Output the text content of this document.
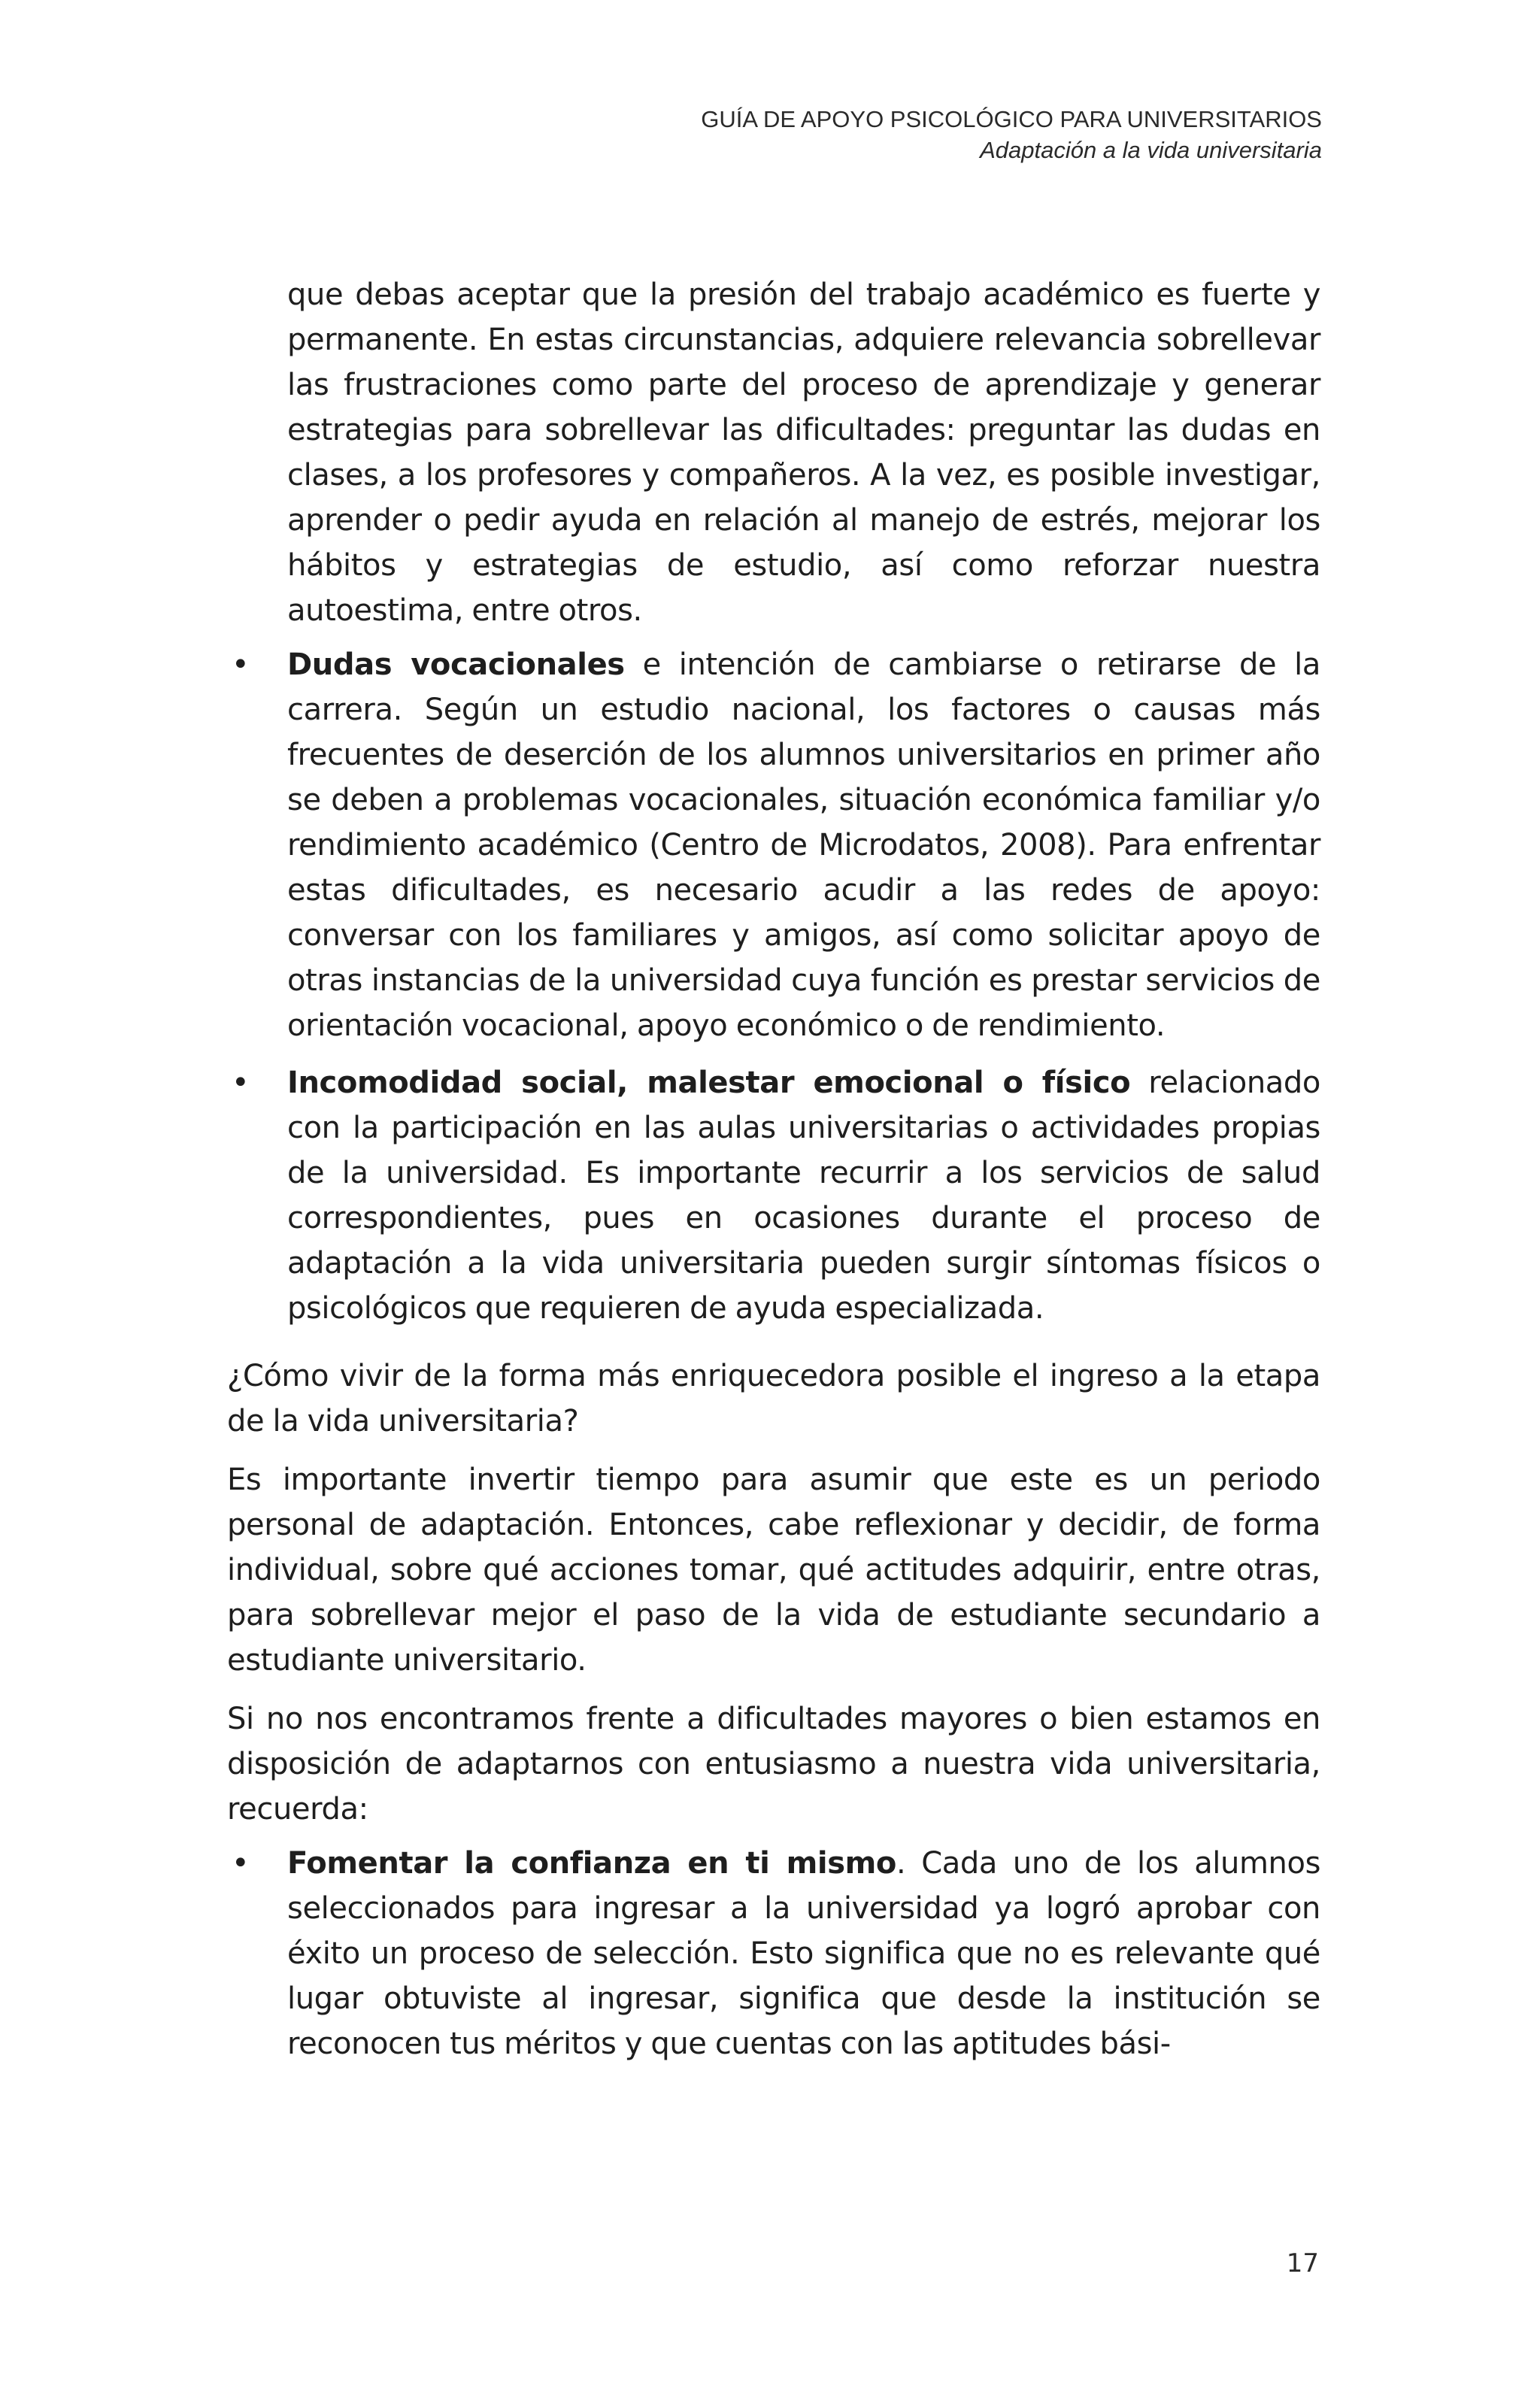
GUÍA DE APOYO PSICOLÓGICO PARA UNIVERSITARIOS
Adaptación a la vida universitaria

que debas aceptar que la presión del trabajo académico es fuerte y permanente. En estas circunstancias, adquiere relevancia sobrellevar las frustraciones como parte del proceso de aprendizaje y generar estrategias para sobrellevar las dificultades: preguntar las dudas en clases, a los profesores y compañeros. A la vez, es posible investigar, aprender o pedir ayuda en relación al manejo de estrés, mejorar los hábitos y estrategias de estudio, así como reforzar nuestra autoestima, entre otros.

• Dudas vocacionales e intención de cambiarse o retirarse de la carrera. Según un estudio nacional, los factores o causas más frecuentes de deserción de los alumnos universitarios en primer año se deben a problemas vocacionales, situación económica familiar y/o rendimiento académico (Centro de Microdatos, 2008). Para enfrentar estas dificultades, es necesario acudir a las redes de apoyo: conversar con los familiares y amigos, así como solicitar apoyo de otras instancias de la universidad cuya función es prestar servicios de orientación vocacional, apoyo económico o de rendimiento.
• Incomodidad social, malestar emocional o físico relacionado con la participación en las aulas universitarias o actividades propias de la universidad. Es importante recurrir a los servicios de salud correspondientes, pues en ocasiones durante el proceso de adaptación a la vida universitaria pueden surgir síntomas físicos o psicológicos que requieren de ayuda especializada.

¿Cómo vivir de la forma más enriquecedora posible el ingreso a la etapa de la vida universitaria?

Es importante invertir tiempo para asumir que este es un periodo personal de adaptación. Entonces, cabe reflexionar y decidir, de forma individual, sobre qué acciones tomar, qué actitudes adquirir, entre otras, para sobrellevar mejor el paso de la vida de estudiante secundario a estudiante universitario.

Si no nos encontramos frente a dificultades mayores o bien estamos en disposición de adaptarnos con entusiasmo a nuestra vida universitaria, recuerda:

• Fomentar la confianza en ti mismo. Cada uno de los alumnos seleccionados para ingresar a la universidad ya logró aprobar con éxito un proceso de selección. Esto significa que no es relevante qué lugar obtuviste al ingresar, significa que desde la institución se reconocen tus méritos y que cuentas con las aptitudes bási-
17
